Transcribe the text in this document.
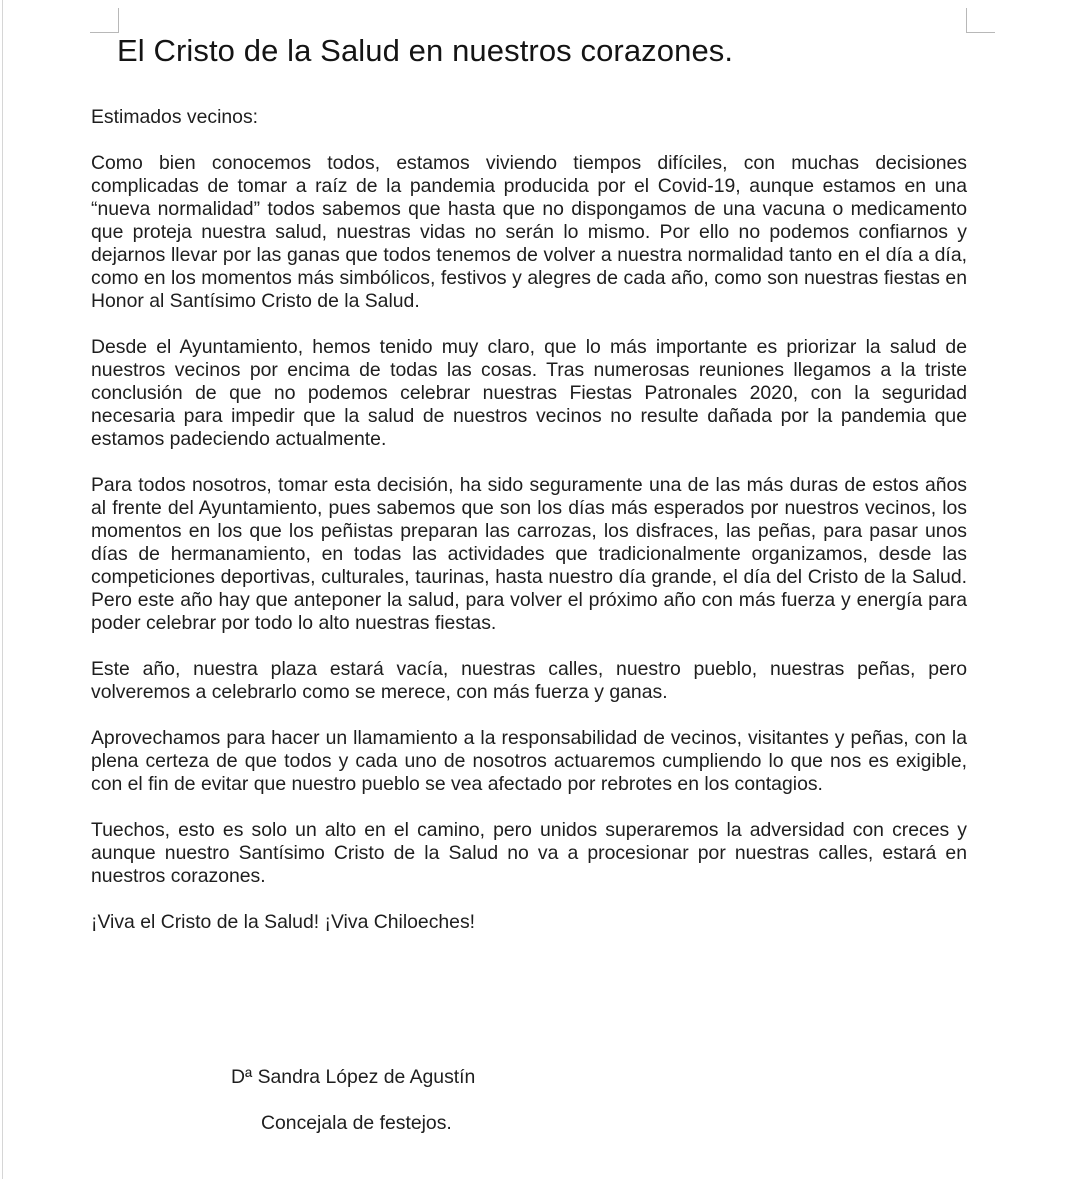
El Cristo de la Salud en nuestros corazones.

Estimados vecinos:

Como bien conocemos todos, estamos viviendo tiempos difíciles, con muchas decisiones complicadas de tomar a raíz de la pandemia producida por el Covid-19, aunque estamos en una “nueva normalidad” todos sabemos que hasta que no dispongamos de una vacuna o medicamento que proteja nuestra salud, nuestras vidas no serán lo mismo. Por ello no podemos confiarnos y dejarnos llevar por las ganas que todos tenemos de volver a nuestra normalidad tanto en el día a día, como en los momentos más simbólicos, festivos y alegres de cada año, como son nuestras fiestas en Honor al Santísimo Cristo de la Salud.

Desde el Ayuntamiento, hemos tenido muy claro, que lo más importante es priorizar la salud de nuestros vecinos por encima de todas las cosas. Tras numerosas reuniones llegamos a la triste conclusión de que no podemos celebrar nuestras Fiestas Patronales 2020, con la seguridad necesaria para impedir que la salud de nuestros vecinos no resulte dañada por la pandemia que estamos padeciendo actualmente.

Para todos nosotros, tomar esta decisión, ha sido seguramente una de las más duras de estos años al frente del Ayuntamiento, pues sabemos que son los días más esperados por nuestros vecinos, los momentos en los que los peñistas preparan las carrozas, los disfraces, las peñas, para pasar unos días de hermanamiento, en todas las actividades que tradicionalmente organizamos, desde las competiciones deportivas, culturales, taurinas, hasta nuestro día grande, el día del Cristo de la Salud. Pero este año hay que anteponer la salud, para volver el próximo año con más fuerza y energía para poder celebrar por todo lo alto nuestras fiestas.

Este año, nuestra plaza estará vacía, nuestras calles, nuestro pueblo, nuestras peñas, pero volveremos a celebrarlo como se merece, con más fuerza y ganas.

Aprovechamos para hacer un llamamiento a la responsabilidad de vecinos, visitantes y peñas, con la plena certeza de que todos y cada uno de nosotros actuaremos cumpliendo lo que nos es exigible, con el fin de evitar que nuestro pueblo se vea afectado por rebrotes en los contagios.

Tuechos, esto es solo un alto en el camino, pero unidos superaremos la adversidad con creces y aunque nuestro Santísimo Cristo de la Salud no va a procesionar por nuestras calles, estará en nuestros corazones.

¡Viva el Cristo de la Salud! ¡Viva Chiloeches!

Dª Sandra López de Agustín
Concejala de festejos.
